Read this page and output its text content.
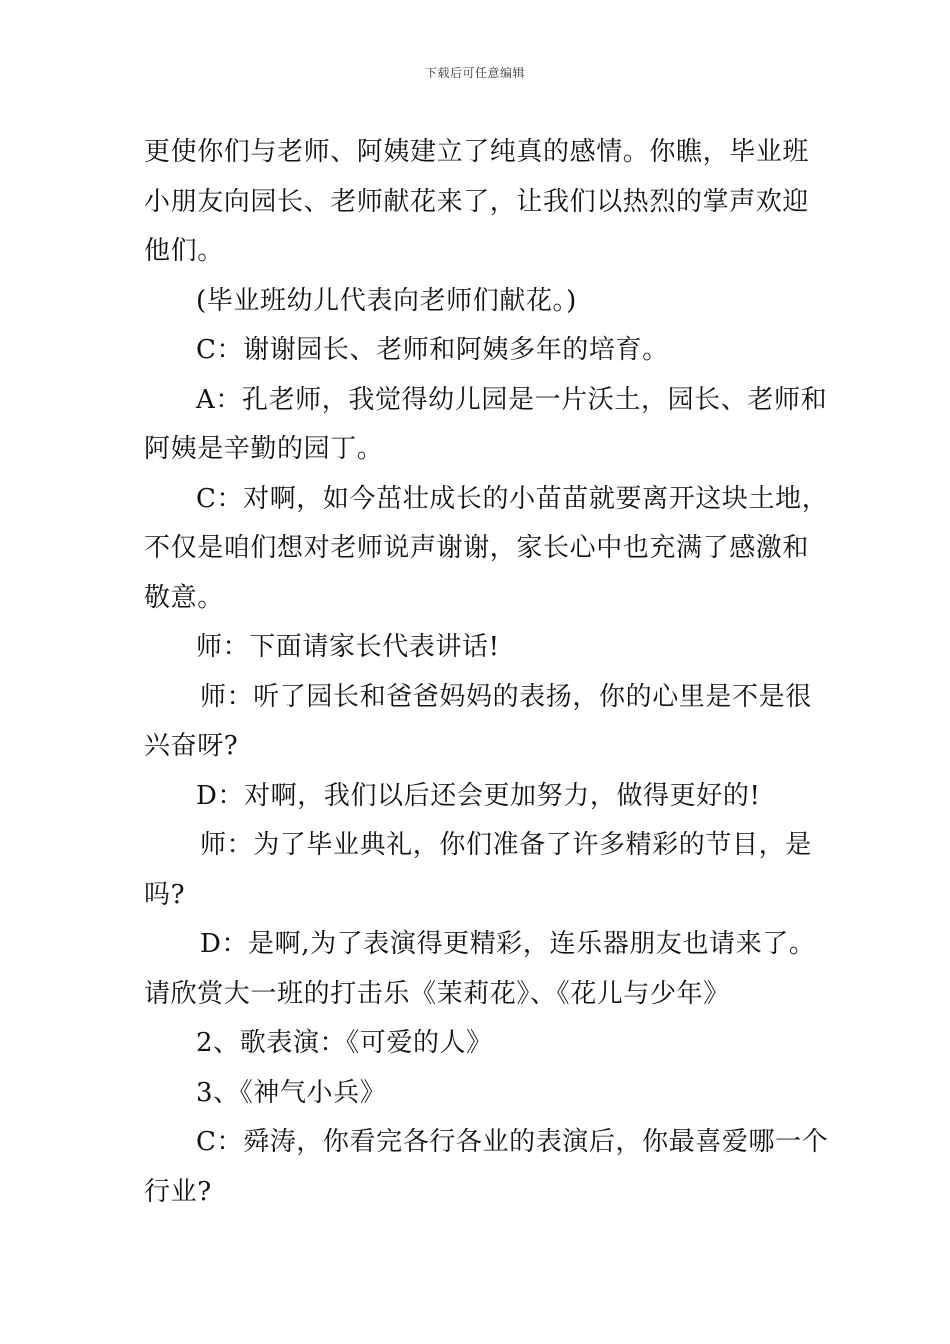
下载后可任意编辑
更使你们与老师、阿姨建立了纯真的感情。你瞧，毕业班
小朋友向园长、老师献花来了，让我们以热烈的掌声欢迎
他们。
(毕业班幼儿代表向老师们献花。)
C：谢谢园长、老师和阿姨多年的培育。
A：孔老师，我觉得幼儿园是一片沃土，园长、老师和
阿姨是辛勤的园丁。
C：对啊，如今茁壮成长的小苗苗就要离开这块土地，
不仅是咱们想对老师说声谢谢，家长心中也充满了感激和
敬意。
师：下面请家长代表讲话!
师：听了园长和爸爸妈妈的表扬，你的心里是不是很
兴奋呀?
D：对啊，我们以后还会更加努力，做得更好的!
师：为了毕业典礼，你们准备了许多精彩的节目，是
吗?
D：是啊,为了表演得更精彩，连乐器朋友也请来了。
请欣赏大一班的打击乐《茉莉花》、《花儿与少年》
2、歌表演：《可爱的人》
3、《神气小兵》
C：舜涛，你看完各行各业的表演后，你最喜爱哪一个
行业?
